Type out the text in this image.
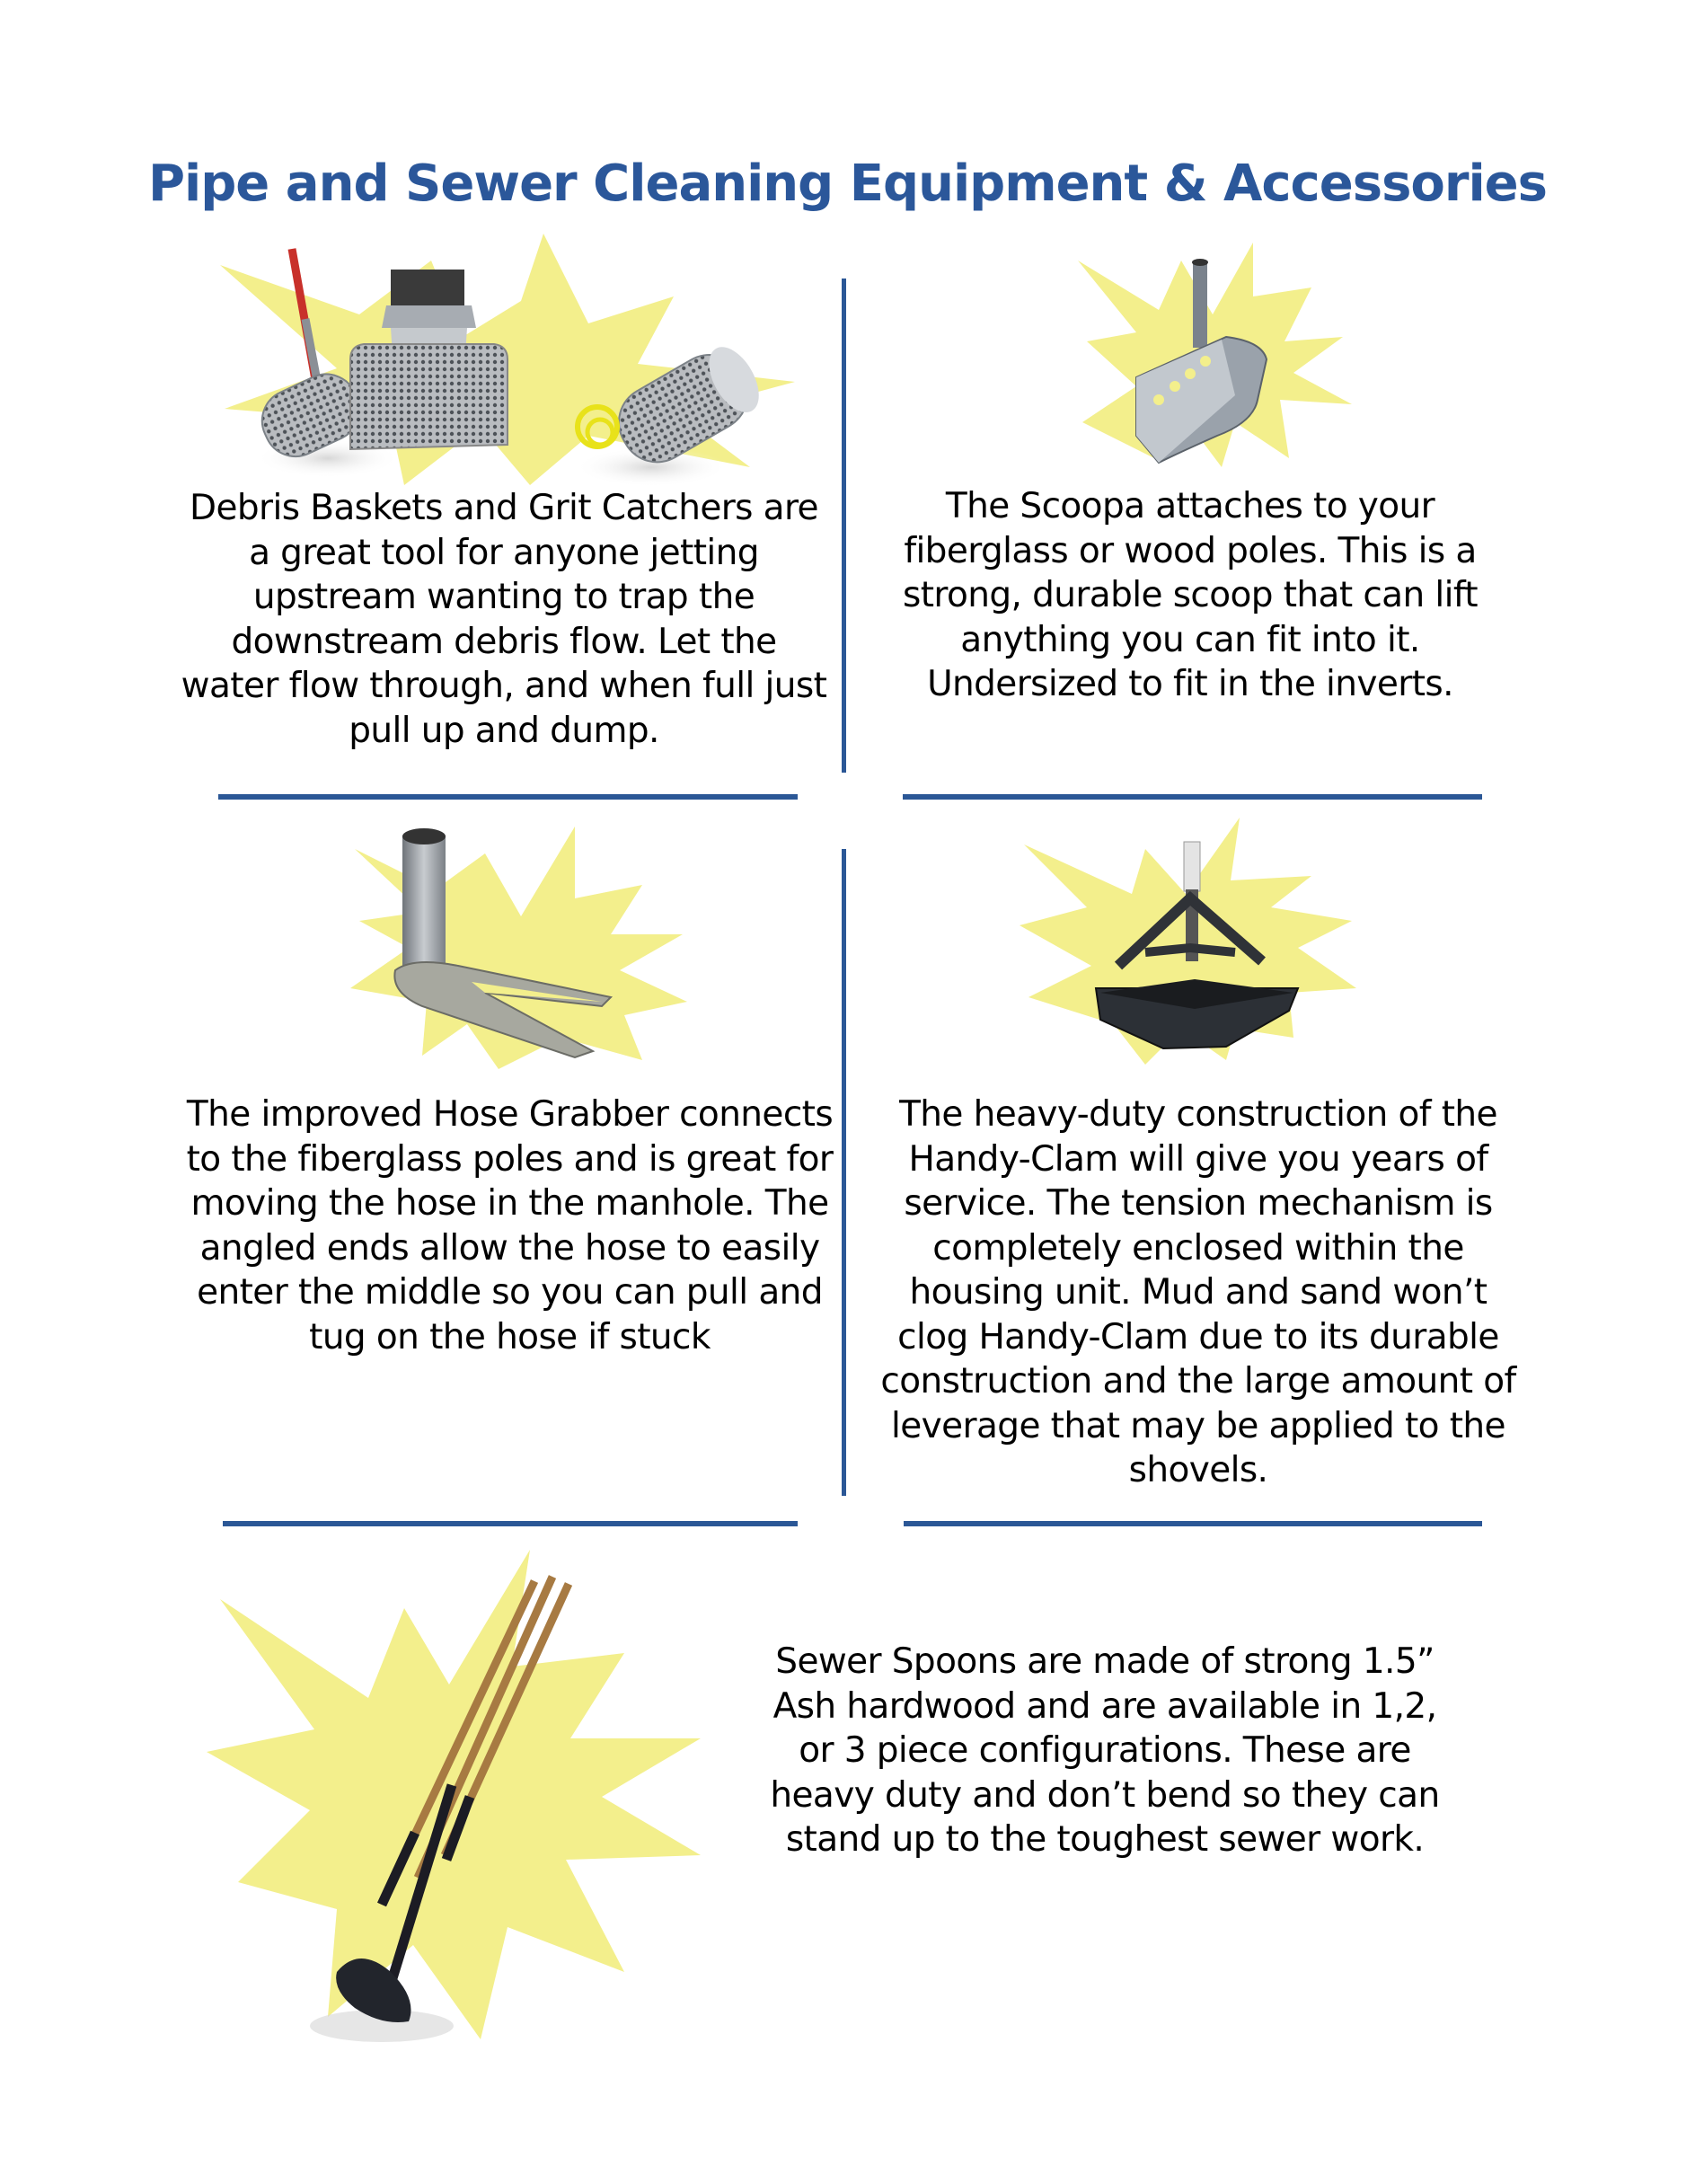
Pipe and Sewer Cleaning Equipment & Accessories
Debris Baskets and Grit Catchers are a great tool for anyone jetting upstream wanting to trap the downstream debris flow. Let the water flow through, and when full just pull up and dump.
The Scoopa attaches to your fiberglass or wood poles. This is a strong, durable scoop that can lift anything you can fit into it. Undersized to fit in the inverts.
The improved Hose Grabber connects to the fiberglass poles and is great for moving the hose in the manhole. The angled ends allow the hose to easily enter the middle so you can pull and tug on the hose if stuck
The heavy-duty construction of the Handy-Clam will give you years of service. The tension mechanism is completely enclosed within the housing unit. Mud and sand won’t clog Handy-Clam due to its durable construction and the large amount of leverage that may be applied to the shovels.
Sewer Spoons are made of strong 1.5” Ash hardwood and are available in 1,2, or 3 piece configurations. These are heavy duty and don’t bend so they can stand up to the toughest sewer work.
